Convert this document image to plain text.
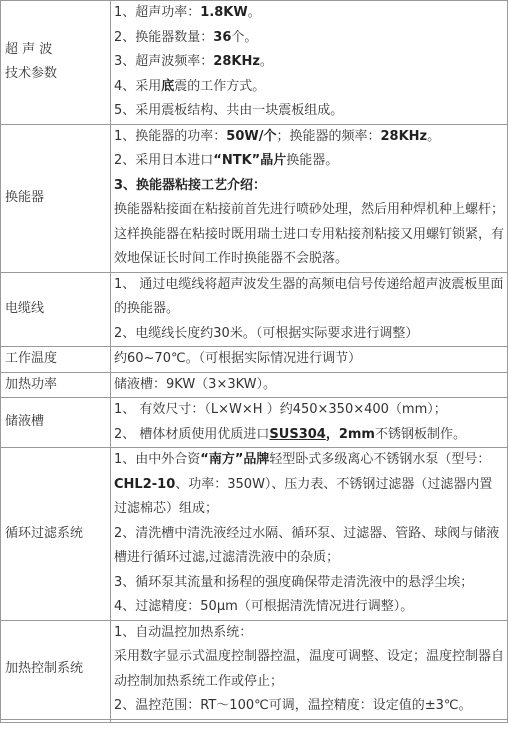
超 声 波
技术参数	1、超声功率：1.8KW。
2、换能器数量：36个。
3、超声波频率：28KHz。
4、采用底震的工作方式。
5、采用震板结构、共由一块震板组成。

换能器	1、换能器的功率：50W/个；换能器的频率：28KHz。
2、采用日本进口“NTK”晶片换能器。
3、换能器粘接工艺介绍：
换能器粘接面在粘接前首先进行喷砂处理，然后用种焊机种上螺杆；这样换能器在粘接时既用瑞士进口专用粘接剂粘接又用螺钉锁紧，有效地保证长时间工作时换能器不会脱落。

电缆线	1、 通过电缆线将超声波发生器的高频电信号传递给超声波震板里面的换能器。
2、电缆线长度约30米。（可根据实际要求进行调整）

工作温度	约60~70℃。（可根据实际情况进行调节）
加热功率	储液槽：9KW（3×3KW）。
储液槽	1、 有效尺寸：（L×W×H ）约450×350×400（mm）；
2、 槽体材质使用优质进口SUS304，2mm不锈钢板制作。

循环过滤系统	1、由中外合资“南方”品牌轻型卧式多级离心不锈钢水泵（型号：CHL2-10、功率：350W）、压力表、不锈钢过滤器（过滤器内置过滤棉芯）组成；
2、清洗槽中清洗液经过水隔、循环泵、过滤器、管路、球阀与储液槽进行循环过滤,过滤清洗液中的杂质；
3、循环泵其流量和扬程的强度确保带走清洗液中的悬浮尘埃；
4、过滤精度：50μm（可根据清洗情况进行调整）。

加热控制系统	1、自动温控加热系统：
采用数字显示式温度控制器控温，温度可调整、设定；温度控制器自动控制加热系统工作或停止；
2、温控范围：RT～100℃可调，温控精度：设定值的±3℃。
